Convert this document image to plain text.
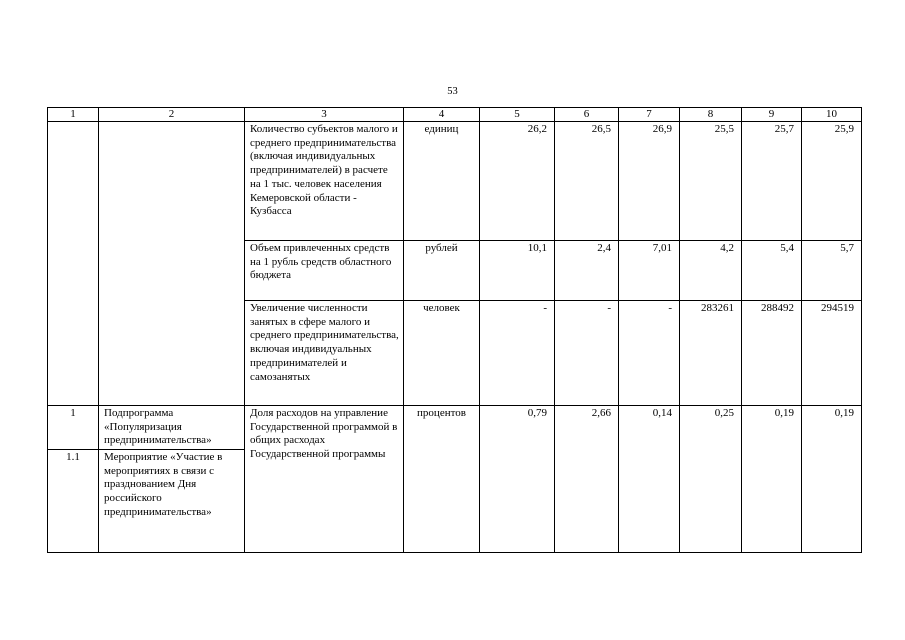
53
1	2	3	4	5	6	7	8	9	10
		Количество субъектов малого и среднего предпринимательства (включая индивидуальных предпринимателей) в расчете на 1 тыс. человек населения Кемеровской области - Кузбасса	единиц	26,2	26,5	26,9	25,5	25,7	25,9
		Объем привлеченных средств на 1 рубль средств областного бюджета	рублей	10,1	2,4	7,01	4,2	5,4	5,7
		Увеличение численности занятых в сфере малого и среднего предпринимательства, включая индивидуальных предпринимателей и самозанятых	человек	-	-	-	283261	288492	294519
1	Подпрограмма «Популяризация предпринимательства»	Доля расходов на управление Государственной программой в общих расходах Государственной программы	процентов	0,79	2,66	0,14	0,25	0,19	0,19
1.1	Мероприятие «Участие в мероприятиях в связи с празднованием Дня российского предпринимательства»								
